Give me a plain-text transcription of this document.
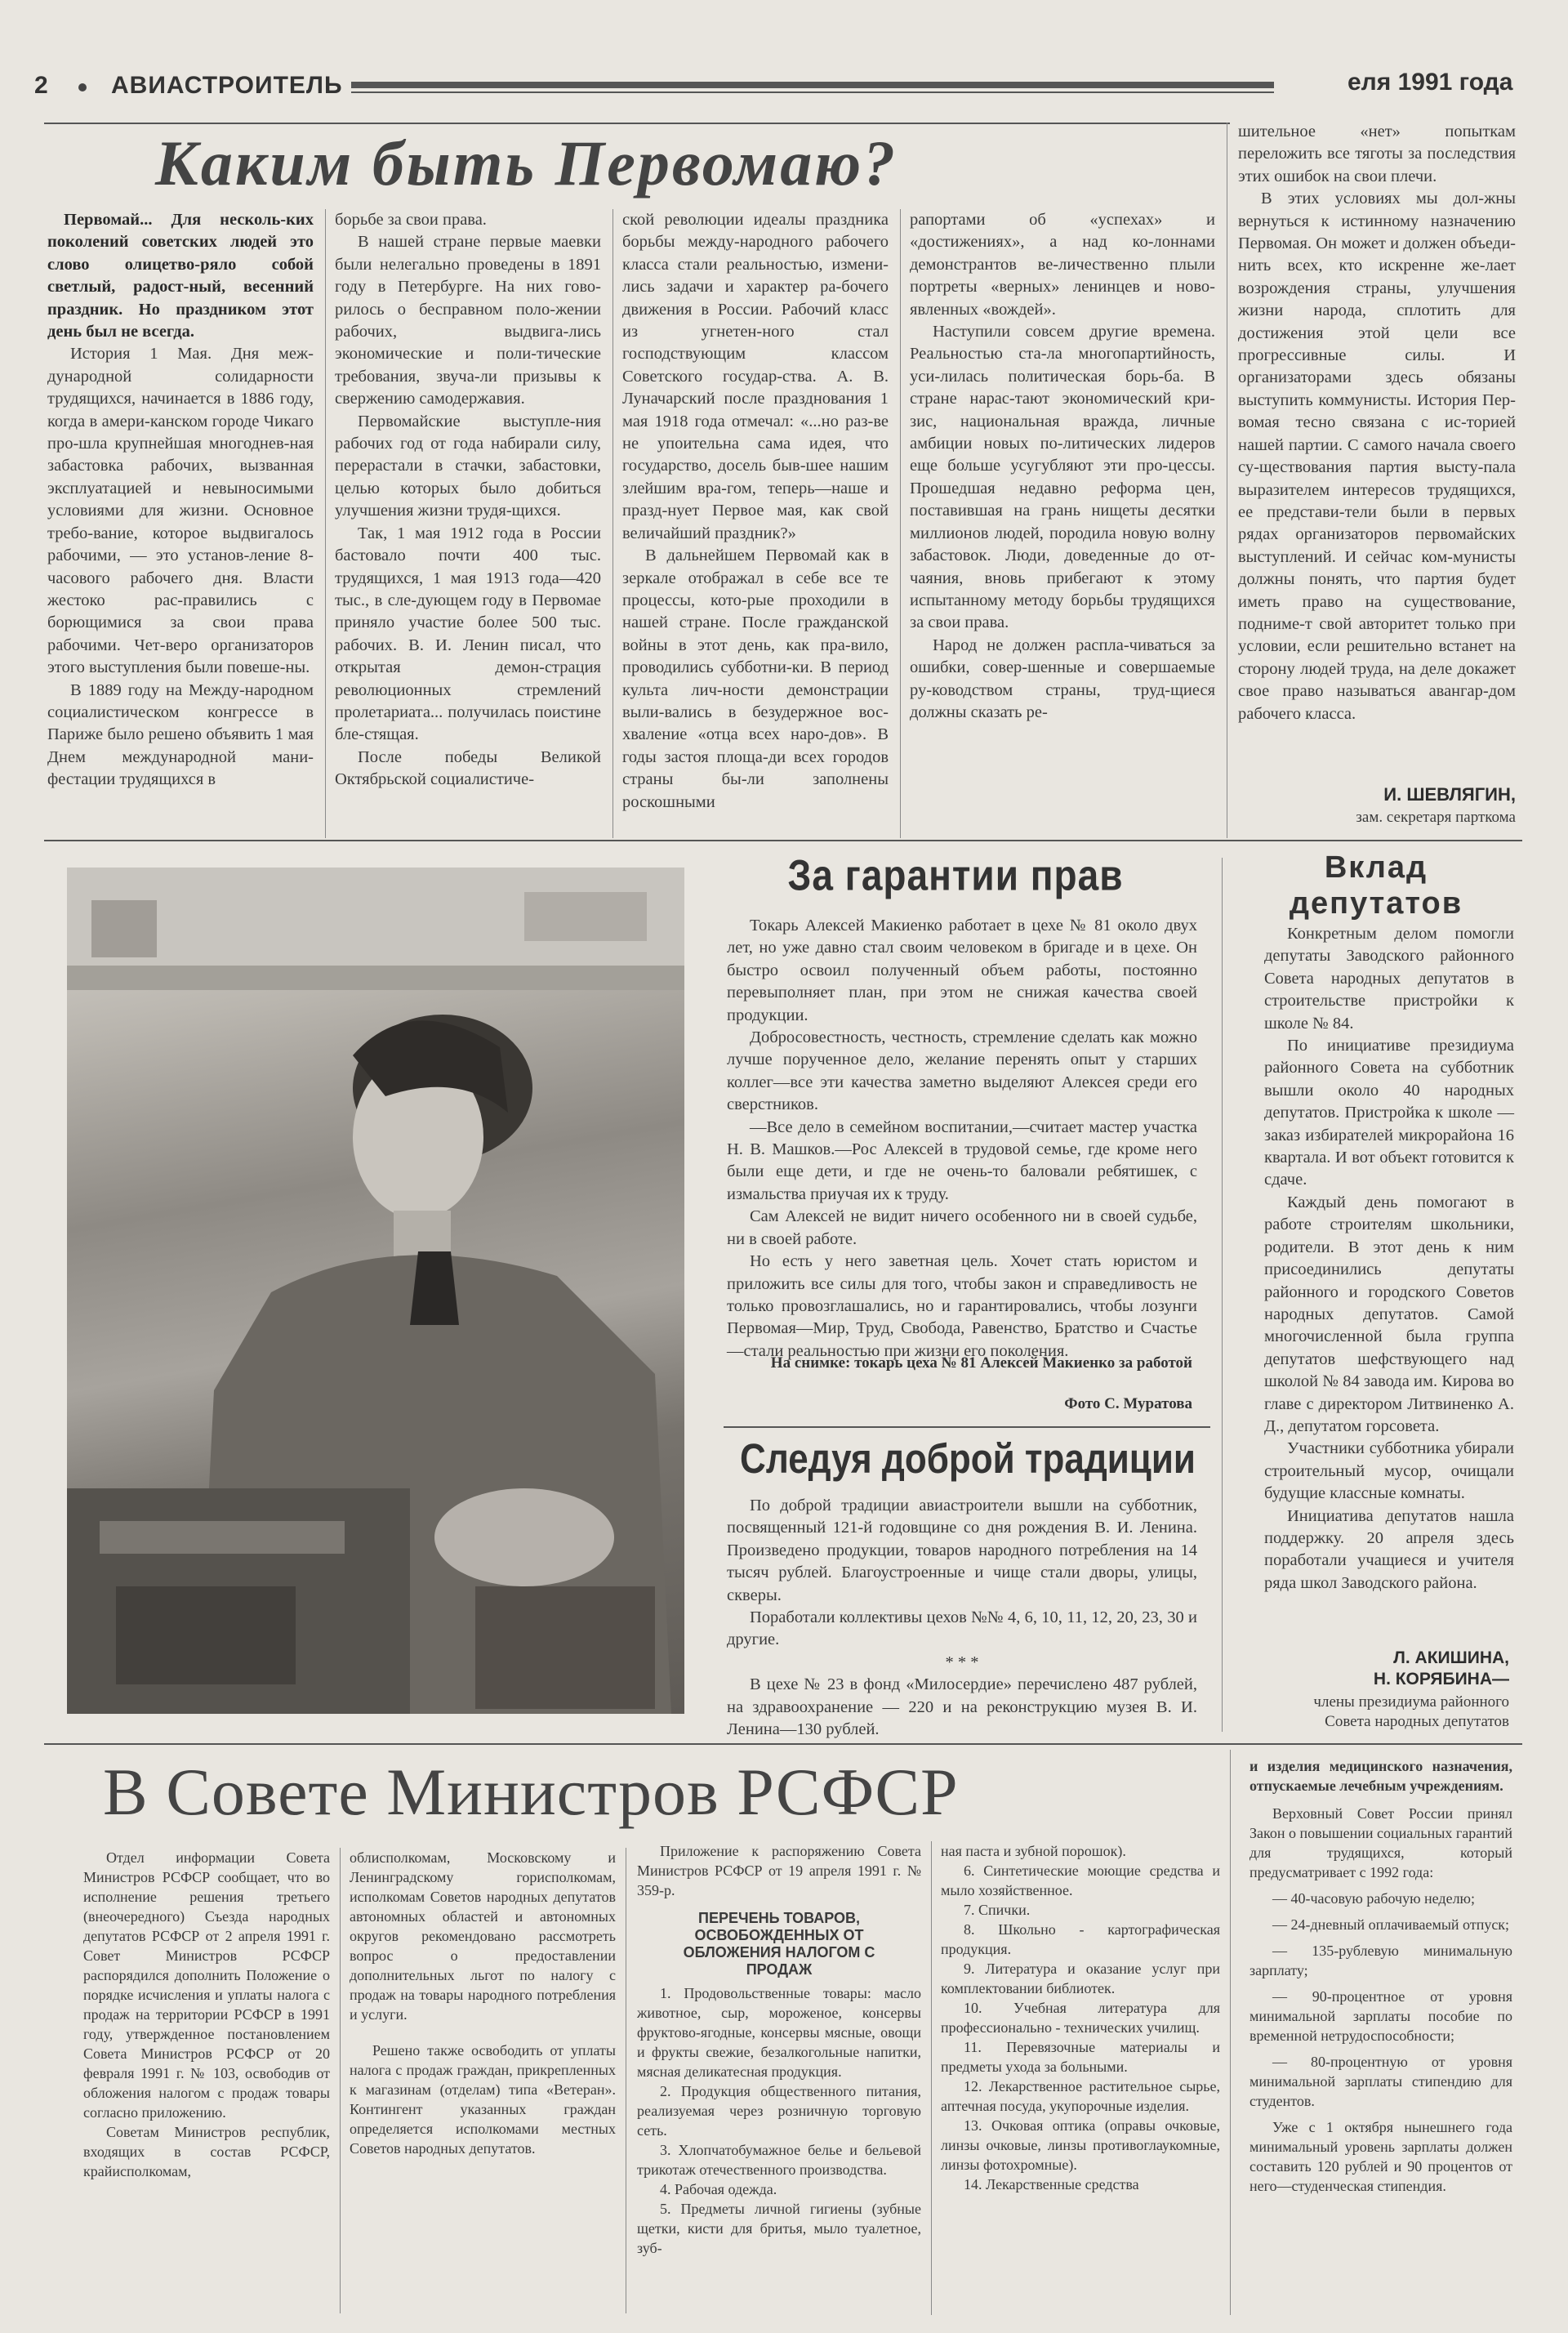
2	АВИАСТРОИТЕЛЬ	еля 1991 года
Каким быть Первомаю?

Первомай... Для несколь-ких поколений советских людей это слово олицетво-ряло собой светлый, радост-ный, весенний праздник. Но праздником этот день был не всегда.

История 1 Мая. Дня меж-дународной солидарности трудящихся, начинается в 1886 году, когда в амери-канском городе Чикаго про-шла крупнейшая многоднев-ная забастовка рабочих, вызванная эксплуатацией и невыносимыми условиями для жизни. Основное требо-вание, которое выдвигалось рабочими, — это установ-ление 8-часового рабочего дня. Власти жестоко рас-правились с борющимися за свои права рабочими. Чет-веро организаторов этого выступления были повеше-ны.

В 1889 году на Между-народном социалистическом конгрессе в Париже было решено объявить 1 мая Днем международной мани-фестации трудящихся в

борьбе за свои права.

В нашей стране первые маевки были нелегально проведены в 1891 году в Петербурге. На них гово-рилось о бесправном поло-жении рабочих, выдвига-лись экономические и поли-тические требования, звуча-ли призывы к свержению самодержавия.

Первомайские выступле-ния рабочих год от года набирали силу, перерастали в стачки, забастовки, целью которых было добиться улучшения жизни трудя-щихся.

Так, 1 мая 1912 года в России бастовало почти 400 тыс. трудящихся, 1 мая 1913 года—420 тыс., в сле-дующем году в Первомае приняло участие более 500 тыс. рабочих. В. И. Ленин писал, что открытая демон-страция революционных стремлений пролетариата... получилась поистине бле-стящая.

После победы Великой Октябрьской социалистиче-

ской революции идеалы праздника борьбы между-народного рабочего класса стали реальностью, измени-лись задачи и характер ра-бочего движения в России. Рабочий класс из угнетен-ного стал господствующим классом Советского государ-ства. А. В. Луначарский после празднования 1 мая 1918 года отмечал: «...но раз-ве не упоительна сама идея, что государство, досель быв-шее нашим злейшим вра-гом, теперь—наше и празд-нует Первое мая, как свой величайший праздник?»

В дальнейшем Первомай как в зеркале отображал в себе все те процессы, кото-рые проходили в нашей стране. После гражданской войны в этот день, как пра-вило, проводились субботни-ки. В период культа лич-ности демонстрации выли-вались в безудержное вос-хваление «отца всех наро-дов». В годы застоя площа-ди всех городов страны бы-ли заполнены роскошными

рапортами об «успехах» и «достижениях», а над ко-лоннами демонстрантов ве-личественно плыли портреты «верных» ленинцев и ново-явленных «вождей».

Наступили совсем другие времена. Реальностью ста-ла многопартийность, уси-лилась политическая борь-ба. В стране нарас-тают экономический кри-зис, национальная вражда, личные амбиции новых по-литических лидеров еще больше усугубляют эти про-цессы. Прошедшая недавно реформа цен, поставившая на грань нищеты десятки миллионов людей, породила новую волну забастовок. Люди, доведенные до от-чаяния, вновь прибегают к этому испытанному методу борьбы трудящихся за свои права.

Народ не должен распла-чиваться за ошибки, совер-шенные и совершаемые ру-ководством страны, труд-щиеся должны сказать ре-

шительное «нет» попыткам переложить все тяготы за последствия этих ошибок на свои плечи.

В этих условиях мы дол-жны вернуться к истинному назначению Первомая. Он может и должен объеди-нить всех, кто искренне же-лает возрождения страны, улучшения жизни народа, сплотить для достижения этой цели все прогрессивные силы. И организаторами здесь обязаны выступить коммунисты. История Пер-вомая тесно связана с ис-торией нашей партии. С самого начала своего су-ществования партия высту-пала выразителем интересов трудящихся, ее представи-тели были в первых рядах организаторов первомайских выступлений. И сейчас ком-мунисты должны понять, что партия будет иметь право на существование, подниме-т свой авторитет только при условии, если решительно встанет на сторону людей труда, на деле докажет свое право называться авангар-дом рабочего класса.

И. ШЕВЛЯГИН,
зам. секретаря парткома
За гарантии прав

Токарь Алексей Макиенко работает в цехе № 81 около двух лет, но уже давно стал своим человеком в бригаде и в цехе. Он быстро освоил полученный объем работы, постоянно перевыполняет план, при этом не снижая качества своей продукции.

Добросовестность, честность, стремление сделать как можно лучше порученное дело, желание перенять опыт у старших коллег—все эти качества заметно выделяют Алексея среди его сверстников.

—Все дело в семейном воспитании,—считает мастер участка Н. В. Машков.—Рос Алексей в трудовой семье, где кроме него были еще дети, и где не очень-то баловали ребятишек, с измальства приучая их к труду.

Сам Алексей не видит ничего особенного ни в своей судьбе, ни в своей работе.

Но есть у него заветная цель. Хочет стать юристом и приложить все силы для того, чтобы закон и справедливость не только провозглашались, но и гарантировались, чтобы лозунги Первомая—Мир, Труд, Свобода, Равенство, Братство и Счастье—стали реальностью при жизни его поколения.

На снимке: токарь цеха № 81 Алексей Макиенко за работой
Фото С. Муратова
Следуя доброй традиции

По доброй традиции авиастроители вышли на субботник, посвященный 121-й годовщине со дня рождения В. И. Ленина. Произведено продукции, товаров народного потребления на 14 тысяч рублей. Благоустроенные и чище стали дворы, улицы, скверы.

Поработали коллективы цехов №№ 4, 6, 10, 11, 12, 20, 23, 30 и другие.

* * *

В цехе № 23 в фонд «Милосердие» перечислено 487 рублей, на здравоохранение — 220 и на реконструкцию музея В. И. Ленина—130 рублей.

Вклад депутатов

Конкретным делом помогли депутаты Заводского районного Совета народных депутатов в строительстве пристройки к школе № 84.

По инициативе президиума районного Совета на субботник вышли около 40 народных депутатов. Пристройка к школе — заказ избирателей микрорайона 16 квартала. И вот объект готовится к сдаче.

Каждый день помогают в работе строителям школьники, родители. В этот день к ним присоединились депутаты районного и городского Советов народных депутатов. Самой многочисленной была группа депутатов шефствующего над школой № 84 завода им. Кирова во главе с директором Литвиненко А. Д., депутатом горсовета.

Участники субботника убирали строительный мусор, очищали будущие классные комнаты.

Инициатива депутатов нашла поддержку. 20 апреля здесь поработали учащиеся и учителя ряда школ Заводского района.

Л. АКИШИНА,
Н. КОРЯБИНА—
члены президиума районного Совета народных депутатов
В Совете Министров РСФСР

Отдел информации Совета Министров РСФСР сообщает, что во исполнение решения третьего (внеочередного) Съезда народных депутатов РСФСР от 2 апреля 1991 г. Совет Министров РСФСР распорядился дополнить Положение о порядке исчисления и уплаты налога с продаж на территории РСФСР в 1991 году, утвержденное постановлением Совета Министров РСФСР от 20 февраля 1991 г. № 103, освободив от обложения налогом с продаж товары согласно приложению.

Советам Министров республик, входящих в состав РСФСР, крайисполкомам,

облисполкомам, Московскому и Ленинградскому горисполкомам, исполкомам Советов народных депутатов автономных областей и автономных округов рекомендовано рассмотреть вопрос о предоставлении дополнительных льгот по налогу с продаж на товары народного потребления и услуги.

Решено также освободить от уплаты налога с продаж граждан, прикрепленных к магазинам (отделам) типа «Ветеран». Контингент указанных граждан определяется исполкомами местных Советов народных депутатов.

Приложение к распоряжению Совета Министров РСФСР от 19 апреля 1991 г. № 359-р.

ПЕРЕЧЕНЬ ТОВАРОВ, ОСВОБОЖДЕННЫХ ОТ ОБЛОЖЕНИЯ НАЛОГОМ С ПРОДАЖ

1. Продовольственные товары: масло животное, сыр, мороженое, консервы фруктово-ягодные, консервы мясные, овощи и фрукты свежие, безалкогольные напитки, мясная деликатесная продукция.

2. Продукция общественного питания, реализуемая через розничную торговую сеть.

3. Хлопчатобумажное белье и бельевой трикотаж отечественного производства.

4. Рабочая одежда.

5. Предметы личной гигиены (зубные щетки, кисти для бритья, мыло туалетное, зуб-

ная паста и зубной порошок).

6. Синтетические моющие средства и мыло хозяйственное.

7. Спички.

8. Школьно - картографическая продукция.

9. Литература и оказание услуг при комплектовании библиотек.

10. Учебная литература для профессионально - технических училищ.

11. Перевязочные материалы и предметы ухода за больными.

12. Лекарственное растительное сырье, аптечная посуда, укупорочные изделия.

13. Очковая оптика (оправы очковые, линзы очковые, линзы противоглаукомные, линзы фотохромные).

14. Лекарственные средства

и изделия медицинского назначения, отпускаемые лечебным учреждениям.

Верховный Совет России принял Закон о повышении социальных гарантий для трудящихся, который предусматривает с 1992 года:

— 40-часовую рабочую неделю;

— 24-дневный оплачиваемый отпуск;

— 135-рублевую минимальную зарплату;

— 90-процентное от уровня минимальной зарплаты пособие по временной нетрудоспособности;

— 80-процентную от уровня минимальной зарплаты стипендию для студентов.

Уже с 1 октября нынешнего года минимальный уровень зарплаты должен составить 120 рублей и 90 процентов от него—студенческая стипендия.
